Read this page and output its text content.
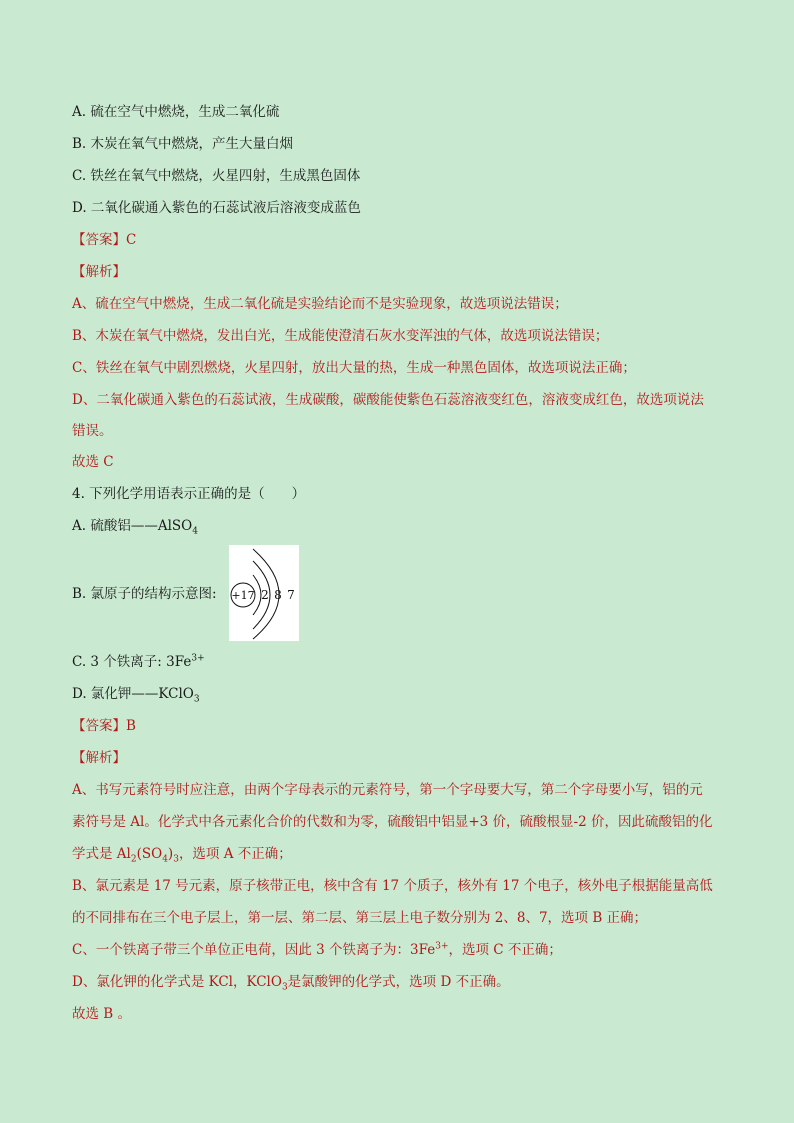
A. 硫在空气中燃烧，生成二氧化硫
B. 木炭在氧气中燃烧，产生大量白烟
C. 铁丝在氧气中燃烧，火星四射，生成黑色固体
D. 二氧化碳通入紫色的石蕊试液后溶液变成蓝色
【答案】C
【解析】
A、硫在空气中燃烧，生成二氧化硫是实验结论而不是实验现象，故选项说法错误；
B、木炭在氧气中燃烧，发出白光，生成能使澄清石灰水变浑浊的气体，故选项说法错误；
C、铁丝在氧气中剧烈燃烧，火星四射，放出大量的热，生成一种黑色固体，故选项说法正确；
D、二氧化碳通入紫色的石蕊试液，生成碳酸，碳酸能使紫色石蕊溶液变红色，溶液变成红色，故选项说法
错误。
故选 C
4. 下列化学用语表示正确的是（　　）
A. 硫酸铝——AlSO$_4$
B. 氯原子的结构示意图: +17 2 8 7
C. 3 个铁离子: $3Fe^{3+}$
D. 氯化钾——KClO$_3$
【答案】B
【解析】
A、书写元素符号时应注意，由两个字母表示的元素符号，第一个字母要大写，第二个字母要小写，铝的元
素符号是 Al。化学式中各元素化合价的代数和为零，硫酸铝中铝显+3 价，硫酸根显-2 价，因此硫酸铝的化
学式是 $Al_2(SO_4)_3$，选项 A 不正确；
B、氯元素是 17 号元素，原子核带正电，核中含有 17 个质子，核外有 17 个电子，核外电子根据能量高低
的不同排布在三个电子层上，第一层、第二层、第三层上电子数分别为 2、8、7，选项 B 正确；
C、一个铁离子带三个单位正电荷，因此 3 个铁离子为：$3Fe^{3+}$，选项 C 不正确；
D、氯化钾的化学式是 KCl，KClO$_3$是氯酸钾的化学式，选项 D 不正确。
故选 B 。
